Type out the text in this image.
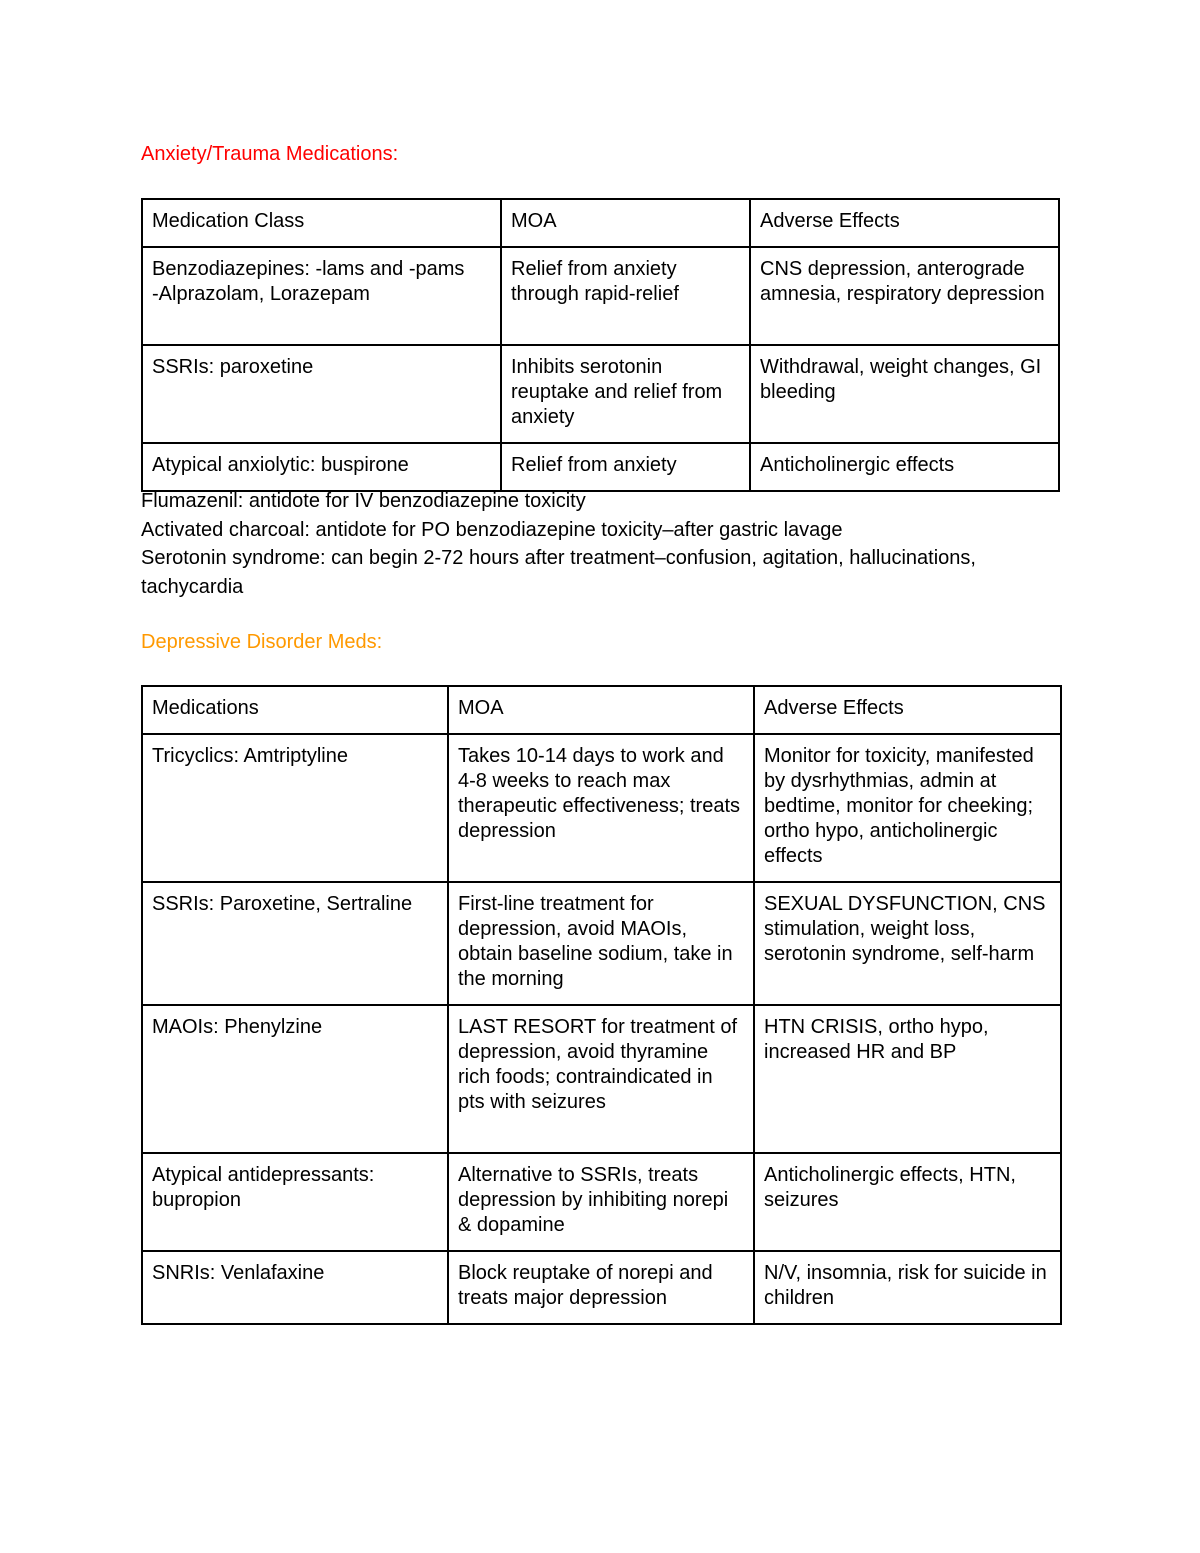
Anxiety/Trauma Medications:
Medication Class	MOA	Adverse Effects

Benzodiazepines: -lams and -pams
-Alprazolam, Lorazepam	Relief from anxiety through rapid-relief	CNS depression, anterograde amnesia, respiratory depression

SSRIs: paroxetine	Inhibits serotonin reuptake and relief from anxiety	Withdrawal, weight changes, GI bleeding

Atypical anxiolytic: buspirone	Relief from anxiety	Anticholinergic effects

Flumazenil: antidote for IV benzodiazepine toxicity

Activated charcoal: antidote for PO benzodiazepine toxicity–after gastric lavage

Serotonin syndrome: can begin 2-72 hours after treatment–confusion, agitation, hallucinations, tachycardia

Depressive Disorder Meds:
Medications	MOA	Adverse Effects
Tricyclics: Amtriptyline	Takes 10-14 days to work and 4-8 weeks to reach max therapeutic effectiveness; treats depression	Monitor for toxicity, manifested by dysrhythmias, admin at bedtime, monitor for cheeking; ortho hypo, anticholinergic effects
SSRIs: Paroxetine, Sertraline	First-line treatment for depression, avoid MAOIs, obtain baseline sodium, take in the morning	SEXUAL DYSFUNCTION, CNS stimulation, weight loss, serotonin syndrome, self-harm
MAOIs: Phenylzine	LAST RESORT for treatment of depression, avoid thyramine rich foods; contraindicated in pts with seizures	HTN CRISIS, ortho hypo, increased HR and BP
Atypical antidepressants: bupropion	Alternative to SSRIs, treats depression by inhibiting norepi & dopamine	Anticholinergic effects, HTN, seizures
SNRIs: Venlafaxine	Block reuptake of norepi and treats major depression	N/V, insomnia, risk for suicide in children
